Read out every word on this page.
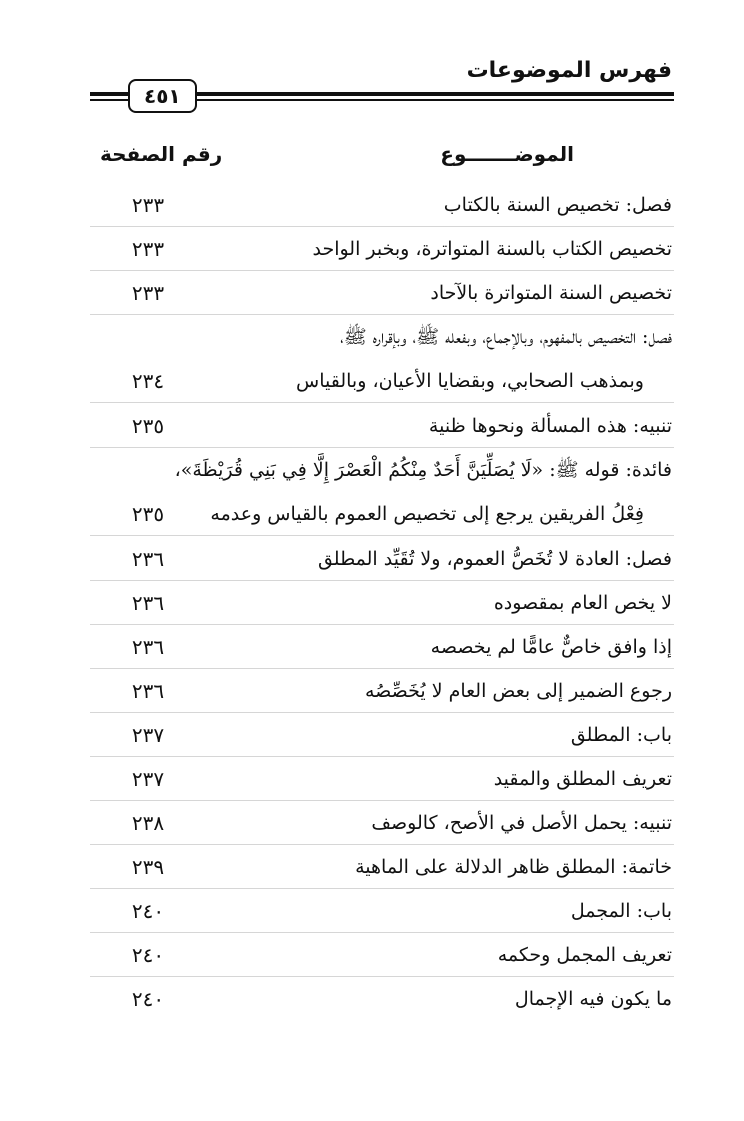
فهرس الموضوعات
٤٥١
الموضـــــــوع
رقم الصفحة
فصل: تخصيص السنة بالكتاب
٢٣٣
تخصيص الكتاب بالسنة المتواترة، وبخبر الواحد
٢٣٣
تخصيص السنة المتواترة بالآحاد
٢٣٣
فصل: التخصيص بالمفهوم، وبالإجماع، وبفعله ﷺ، وبإقراره ﷺ،
وبمذهب الصحابي، وبقضايا الأعيان، وبالقياس
٢٣٤
تنبيه: هذه المسألة ونحوها ظنية
٢٣٥
فائدة: قوله ﷺ: «لَا يُصَلِّيَنَّ أَحَدٌ مِنْكُمُ الْعَصْرَ إِلَّا فِي بَنِي قُرَيْظَةَ»،
فِعْلُ الفريقين يرجع إلى تخصيص العموم بالقياس وعدمه
٢٣٥
فصل: العادة لا تُخَصُّ العموم، ولا تُقَيِّد المطلق
٢٣٦
لا يخص العام بمقصوده
٢٣٦
إذا وافق خاصٌّ عامًّا لم يخصصه
٢٣٦
رجوع الضمير إلى بعض العام لا يُخَصِّصُه
٢٣٦
باب: المطلق
٢٣٧
تعريف المطلق والمقيد
٢٣٧
تنبيه: يحمل الأصل في الأصح، كالوصف
٢٣٨
خاتمة: المطلق ظاهر الدلالة على الماهية
٢٣٩
باب: المجمل
٢٤٠
تعريف المجمل وحكمه
٢٤٠
ما يكون فيه الإجمال
٢٤٠
